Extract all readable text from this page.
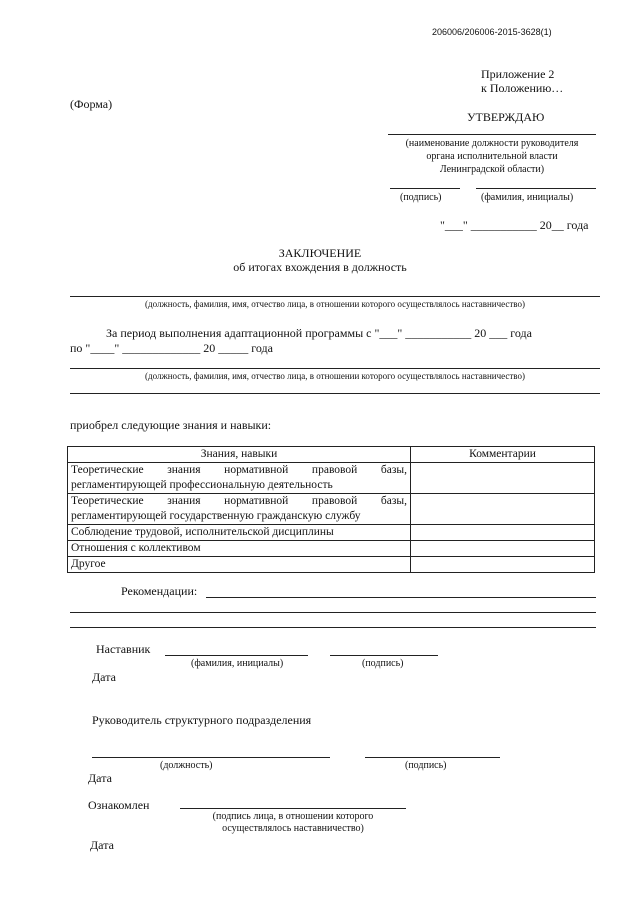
206006/206006-2015-3628(1)
Приложение 2
к Положению…
(Форма)
УТВЕРЖДАЮ
(наименование должности руководителя
органа исполнительной власти
Ленинградской области)
(подпись)	(фамилия, инициалы)
"___" ___________ 20__ года
ЗАКЛЮЧЕНИЕ
об итогах вхождения в должность
(должность, фамилия, имя, отчество лица, в отношении которого осуществлялось наставничество)
За период выполнения адаптационной программы с "___" ___________ 20 ___ года
по "____" _____________ 20 _____ года
(должность, фамилия, имя, отчество лица, в отношении которого осуществлялось наставничество)
приобрел следующие знания и навыки:
Знания, навыки	Комментарии

Теоретические знания нормативной правовой базы,
регламентирующей профессиональную деятельность	

Теоретические знания нормативной правовой базы,
регламентирующей государственную гражданскую службу	
Соблюдение трудовой, исполнительской дисциплины	
Отношения с коллективом	
Другое	
Рекомендации:
Наставник
(фамилия, инициалы)	(подпись)
Дата
Руководитель структурного подразделения
(должность)	(подпись)
Дата
Ознакомлен
(подпись лица, в отношении которого
осуществлялось наставничество)
Дата
